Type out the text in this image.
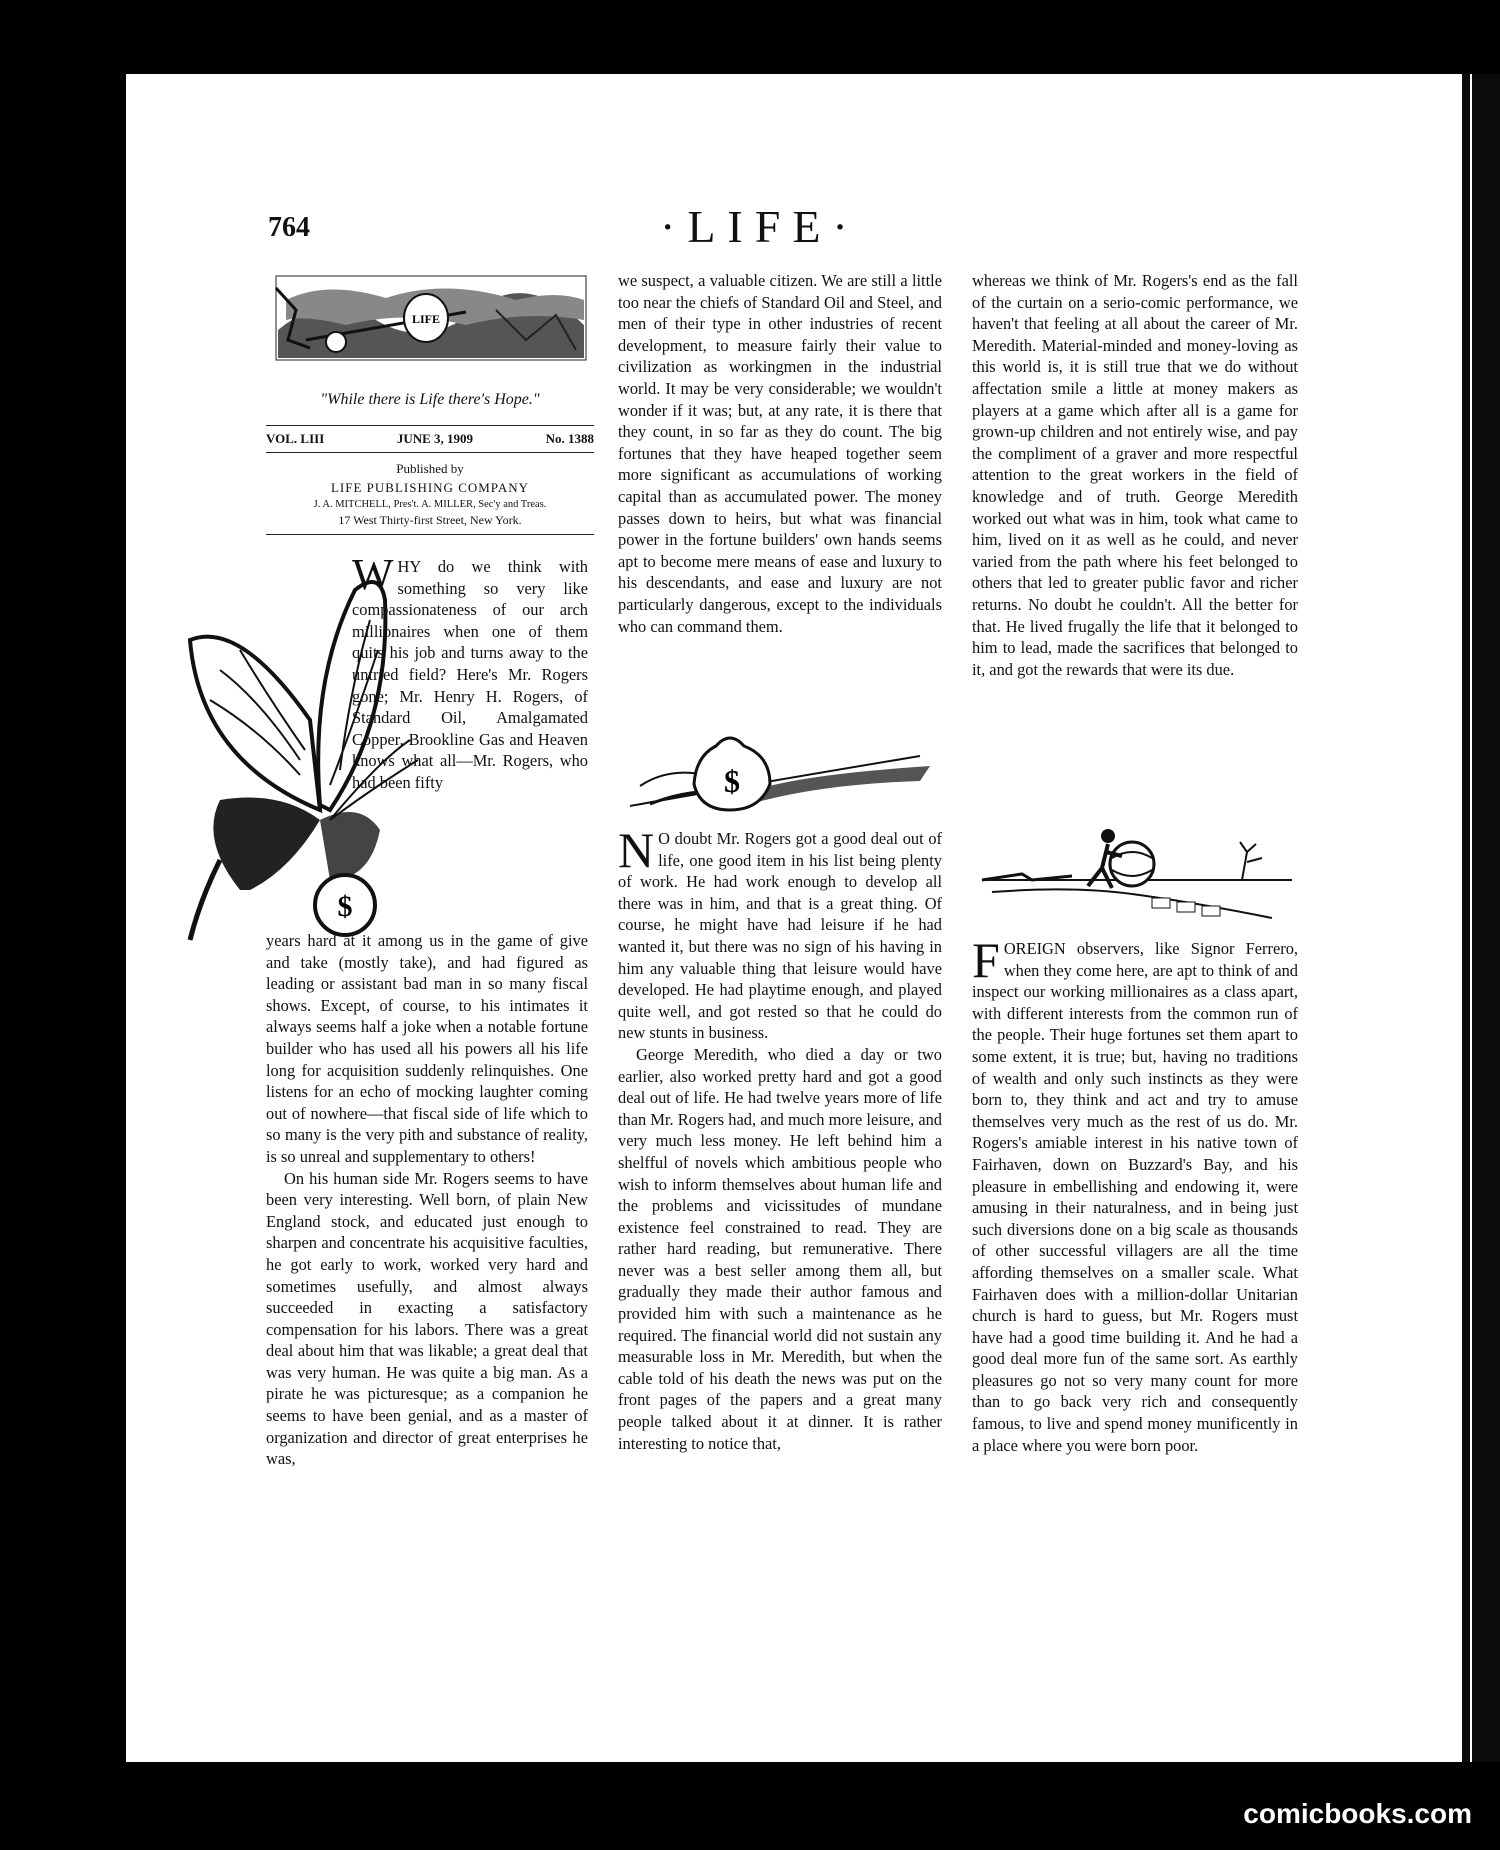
764	·LIFE·
LIFE
"While there is Life there's Hope."
VOL. LIII	JUNE 3, 1909	No. 1388
Published by
LIFE PUBLISHING COMPANY
J. A. MITCHELL, Pres't. A. MILLER, Sec'y and Treas.
17 West Thirty-first Street, New York.
$
WHY do we think with something so very like compassionateness of our arch millionaires when one of them quits his job and turns away to the untried field? Here's Mr. Rogers gone; Mr. Henry H. Rogers, of Standard Oil, Amalgamated Copper, Brookline Gas and Heaven knows what all—Mr. Rogers, who had been fifty

years hard at it among us in the game of give and take (mostly take), and had figured as leading or assistant bad man in so many fiscal shows. Except, of course, to his intimates it always seems half a joke when a notable fortune builder who has used all his powers all his life long for acquisition suddenly relinquishes. One listens for an echo of mocking laughter coming out of nowhere—that fiscal side of life which to so many is the very pith and substance of reality, is so unreal and supplementary to others!

On his human side Mr. Rogers seems to have been very interesting. Well born, of plain New England stock, and educated just enough to sharpen and concentrate his acquisitive faculties, he got early to work, worked very hard and sometimes usefully, and almost always succeeded in exacting a satisfactory compensation for his labors. There was a great deal about him that was likable; a great deal that was very human. He was quite a big man. As a pirate he was picturesque; as a companion he seems to have been genial, and as a master of organization and director of great enterprises he was,

we suspect, a valuable citizen. We are still a little too near the chiefs of Standard Oil and Steel, and men of their type in other industries of recent development, to measure fairly their value to civilization as workingmen in the industrial world. It may be very considerable; we wouldn't wonder if it was; but, at any rate, it is there that they count, in so far as they do count. The big fortunes that they have heaped together seem more significant as accumulations of working capital than as accumulated power. The money passes down to heirs, but what was financial power in the fortune builders' own hands seems apt to become mere means of ease and luxury to his descendants, and ease and luxury are not particularly dangerous, except to the individuals who can command them.

$

N O doubt Mr. Rogers got a good deal out of life, one good item in his list being plenty of work. He had work enough to develop all there was in him, and that is a great thing. Of course, he might have had leisure if he had wanted it, but there was no sign of his having in him any valuable thing that leisure would have developed. He had playtime enough, and played quite well, and got rested so that he could do new stunts in business.

George Meredith, who died a day or two earlier, also worked pretty hard and got a good deal out of life. He had twelve years more of life than Mr. Rogers had, and much more leisure, and very much less money. He left behind him a shelfful of novels which ambitious people who wish to inform themselves about human life and the problems and vicissitudes of mundane existence feel constrained to read. They are rather hard reading, but remunerative. There never was a best seller among them all, but gradually they made their author famous and provided him with such a maintenance as he required. The financial world did not sustain any measurable loss in Mr. Meredith, but when the cable told of his death the news was put on the front pages of the papers and a great many people talked about it at dinner. It is rather interesting to notice that,

whereas we think of Mr. Rogers's end as the fall of the curtain on a serio-comic performance, we haven't that feeling at all about the career of Mr. Meredith. Material-minded and money-loving as this world is, it is still true that we do without affectation smile a little at money makers as players at a game which after all is a game for grown-up children and not entirely wise, and pay the compliment of a graver and more respectful attention to the great workers in the field of knowledge and of truth. George Meredith worked out what was in him, took what came to him, lived on it as well as he could, and never varied from the path where his feet belonged to others that led to greater public favor and richer returns. No doubt he couldn't. All the better for that. He lived frugally the life that it belonged to him to lead, made the sacrifices that belonged to it, and got the rewards that were its due.

FOREIGN observers, like Signor Ferrero, when they come here, are apt to think of and inspect our working millionaires as a class apart, with different interests from the common run of the people. Their huge fortunes set them apart to some extent, it is true; but, having no traditions of wealth and only such instincts as they were born to, they think and act and try to amuse themselves very much as the rest of us do. Mr. Rogers's amiable interest in his native town of Fairhaven, down on Buzzard's Bay, and his pleasure in embellishing and endowing it, were amusing in their naturalness, and in being just such diversions done on a big scale as thousands of other successful villagers are all the time affording themselves on a smaller scale. What Fairhaven does with a million-dollar Unitarian church is hard to guess, but Mr. Rogers must have had a good time building it. And he had a good deal more fun of the same sort. As earthly pleasures go not so very many count for more than to go back very rich and consequently famous, to live and spend money munificently in a place where you were born poor.

comicbooks.com
